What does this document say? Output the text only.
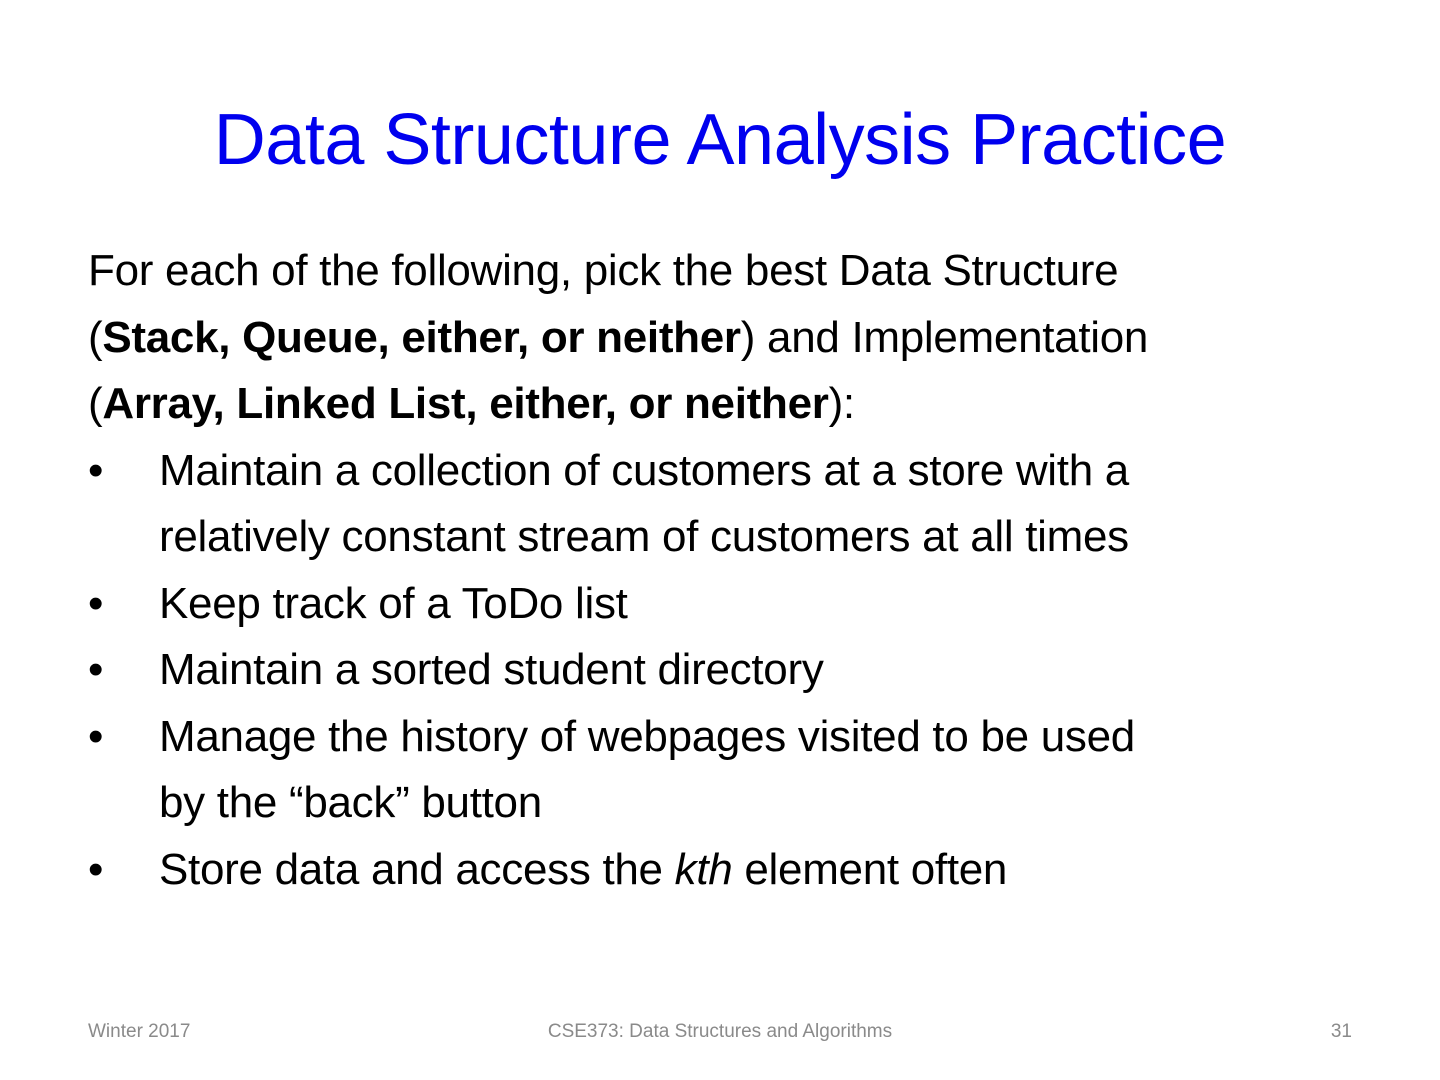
Data Structure Analysis Practice
For each of the following, pick the best Data Structure
(Stack, Queue, either, or neither) and Implementation
(Array, Linked List, either, or neither):
•	Maintain a collection of customers at a store with a
relatively constant stream of customers at all times
•	Keep track of a ToDo list
•	Maintain a sorted student directory
•	Manage the history of webpages visited to be used
by the “back” button
•	Store data and access the kth element often
Winter 2017	CSE373: Data Structures and Algorithms	31
